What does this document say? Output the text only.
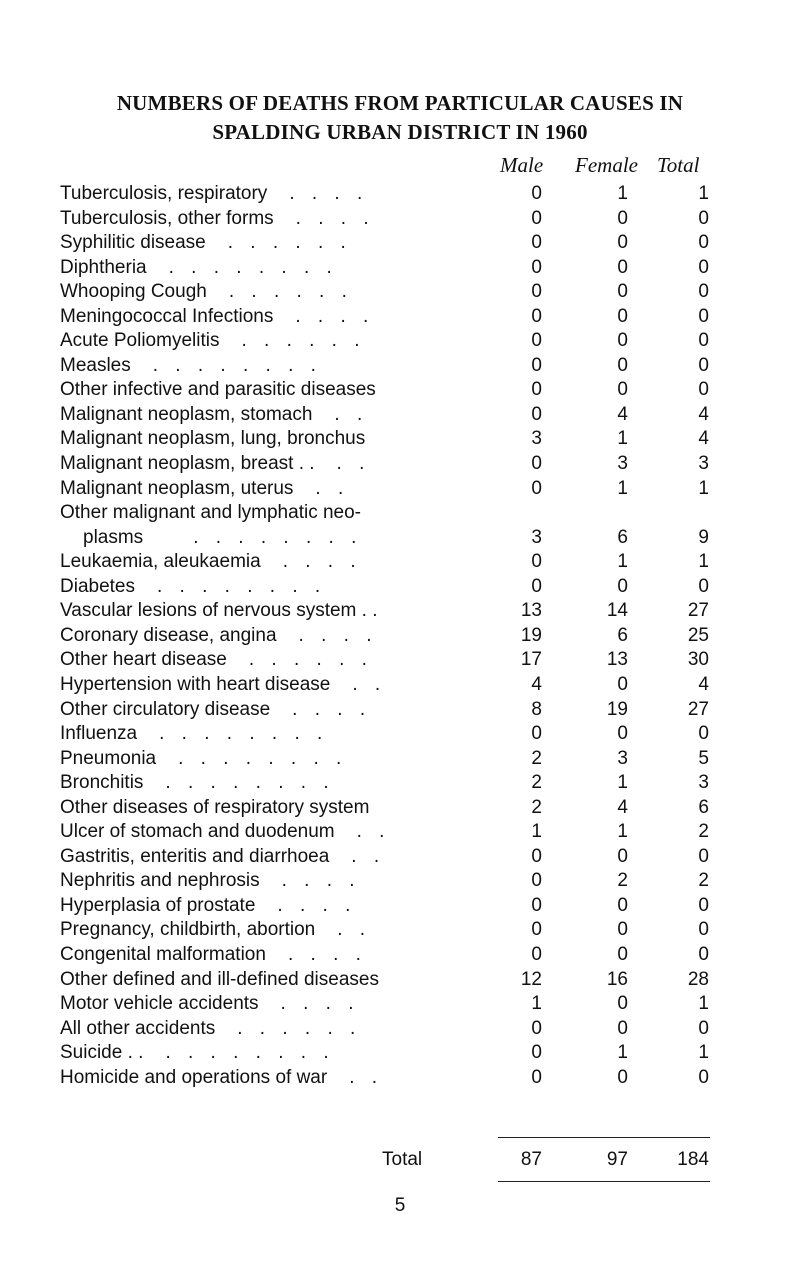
NUMBERS OF DEATHS FROM PARTICULAR CAUSES IN
SPALDING URBAN DISTRICT IN 1960
Male Female Total
Tuberculosis, respiratory . . . .	0	1	1
Tuberculosis, other forms . . . .	0	0	0
Syphilitic disease . . . . . .	0	0	0
Diphtheria . . . . . . . .	0	0	0
Whooping Cough . . . . . .	0	0	0
Meningococcal Infections . . . .	0	0	0
Acute Poliomyelitis . . . . . .	0	0	0
Measles . . . . . . . .	0	0	0
Other infective and parasitic diseases	0	0	0
Malignant neoplasm, stomach . .	0	4	4
Malignant neoplasm, lung, bronchus	3	1	4
Malignant neoplasm, breast . . . .	0	3	3
Malignant neoplasm, uterus . .	0	1	1
Other malignant and lymphatic neo-
plasms	. . . . . . . .	3	6	9
Leukaemia, aleukaemia . . . .	0	1	1
Diabetes . . . . . . . .	0	0	0
Vascular lesions of nervous system . .	13	14	27
Coronary disease, angina . . . .	19	6	25
Other heart disease . . . . . .	17	13	30
Hypertension with heart disease . .	4	0	4
Other circulatory disease . . . .	8	19	27
Influenza . . . . . . . .	0	0	0
Pneumonia . . . . . . . .	2	3	5
Bronchitis . . . . . . . .	2	1	3
Other diseases of respiratory system	2	4	6
Ulcer of stomach and duodenum . .	1	1	2
Gastritis, enteritis and diarrhoea . .	0	0	0
Nephritis and nephrosis . . . .	0	2	2
Hyperplasia of prostate . . . .	0	0	0
Pregnancy, childbirth, abortion . .	0	0	0
Congenital malformation . . . .	0	0	0
Other defined and ill-defined diseases	12	16	28
Motor vehicle accidents . . . .	1	0	1
All other accidents . . . . . .	0	0	0
Suicide . . . . . . . . . .	0	1	1
Homicide and operations of war . .	0	0	0
Total	87	97	184
5
